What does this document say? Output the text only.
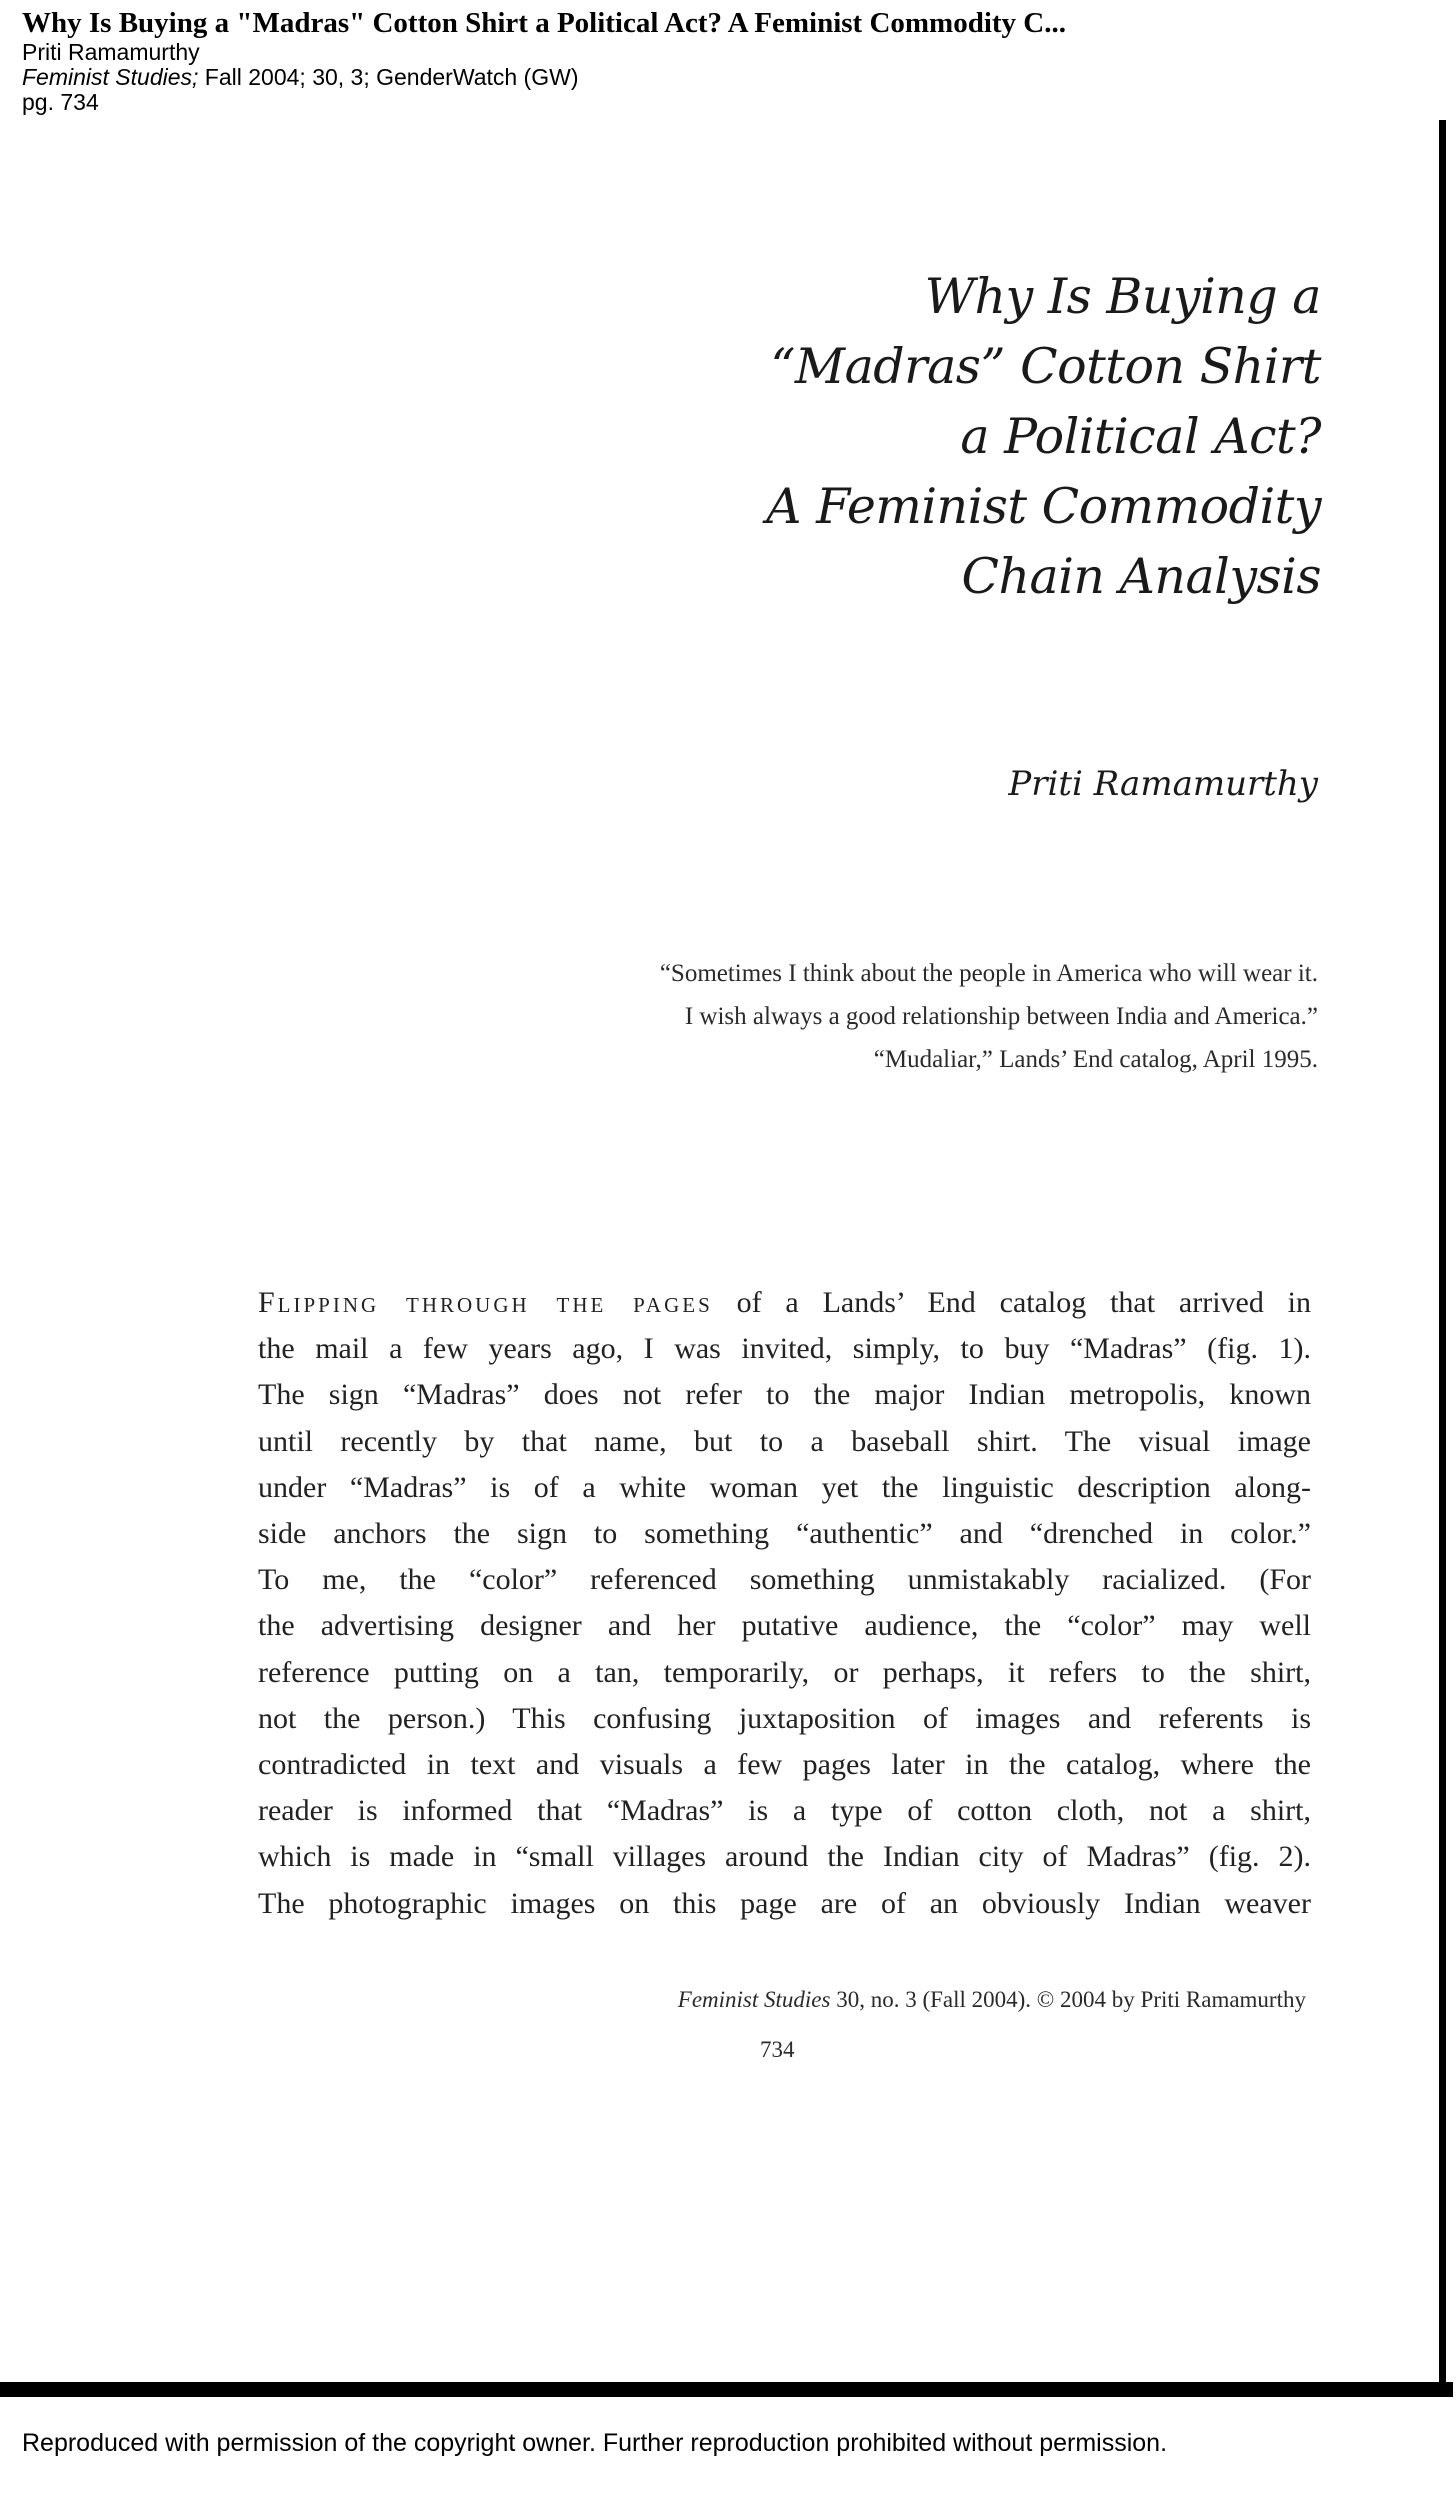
Why Is Buying a "Madras" Cotton Shirt a Political Act? A Feminist Commodity C...
Priti Ramamurthy
Feminist Studies; Fall 2004; 30, 3; GenderWatch (GW)
pg. 734
Why Is Buying a
“Madras” Cotton Shirt
a Political Act?
A Feminist Commodity
Chain Analysis
Priti Ramamurthy
“Sometimes I think about the people in America who will wear it.
I wish always a good relationship between India and America.”
“Mudaliar,” Lands’ End catalog, April 1995.
Flipping through the pages of a Lands’ End catalog that arrived in
the mail a few years ago, I was invited, simply, to buy “Madras” (fig. 1).
The sign “Madras” does not refer to the major Indian metropolis, known
until recently by that name, but to a baseball shirt. The visual image
under “Madras” is of a white woman yet the linguistic description along-
side anchors the sign to something “authentic” and “drenched in color.”
To me, the “color” referenced something unmistakably racialized. (For
the advertising designer and her putative audience, the “color” may well
reference putting on a tan, temporarily, or perhaps, it refers to the shirt,
not the person.) This confusing juxtaposition of images and referents is
contradicted in text and visuals a few pages later in the catalog, where the
reader is informed that “Madras” is a type of cotton cloth, not a shirt,
which is made in “small villages around the Indian city of Madras” (fig. 2).
The photographic images on this page are of an obviously Indian weaver
Feminist Studies 30, no. 3 (Fall 2004). © 2004 by Priti Ramamurthy
734
Reproduced with permission of the copyright owner. Further reproduction prohibited without permission.
